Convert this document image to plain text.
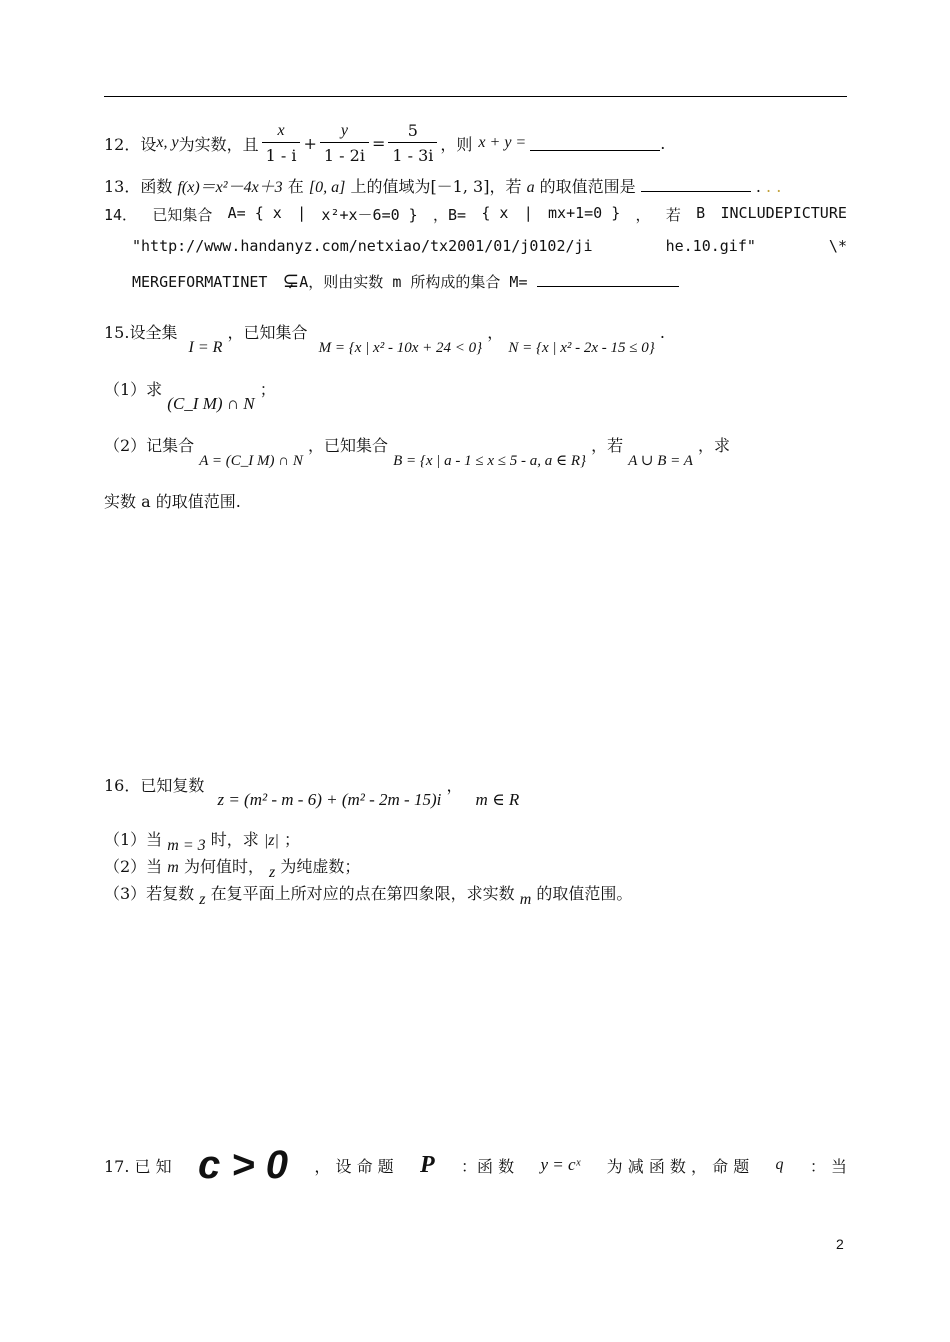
12．设 x, y 为实数，且 $\frac{x}{1 - i} + \frac{y}{1 - 2i} = \frac{5}{1 - 3i}$ ，则 x + y =	.
13．函数 f(x)＝x²－4x＋3 在 [0, a] 上的值域为[－1, 3]，若 a 的取值范围是	. . .
14． 已知集合 A= { x | x²+x－6=0 } ，B= { x | mx+1=0 } ， 若 B INCLUDEPICTURE
"http://www.handanyz.com/netxiao/tx2001/01/j0102/ji	he.10.gif"	\*
MERGEFORMATINET ⊊A，则由实数 m 所构成的集合 M=
15.设全集 I = R ，已知集合 M = {x | x² - 10x + 24 < 0} ， N = {x | x² - 2x - 15 ≤ 0} .
（1）求 (C_I M) ∩ N ；
（2）记集合 A = (C_I M) ∩ N ，已知集合 B = {x | a - 1 ≤ x ≤ 5 - a, a ∈ R} ，若 A ∪ B = A ，求
实数 a 的取值范围.
16．已知复数 z = (m² - m - 6) + (m² - 2m - 15)i ， m ∈ R
（1）当 m = 3 时，求 |z| ；
（2）当 m 为何值时， z 为纯虚数；
（3）若复数 z 在复平面上所对应的点在第四象限，求实数 m 的取值范围。
17. 已 知 c > 0 ， 设 命 题 P ：函 数 y = cˣ 为 减 函 数 ， 命 题 q ： 当
2
